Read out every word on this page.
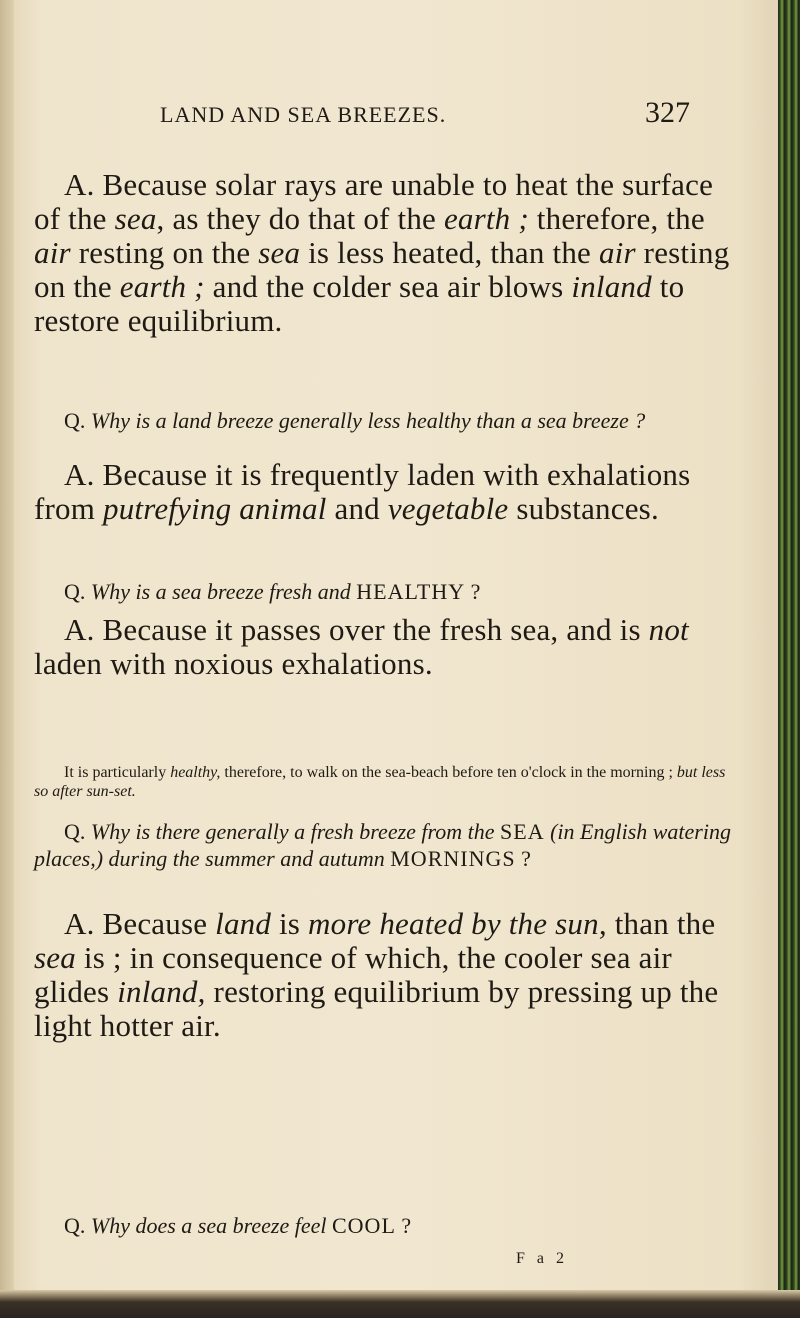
LAND AND SEA BREEZES.	327
A. Because solar rays are unable to heat the surface of the sea, as they do that of the earth ; therefore, the air resting on the sea is less heated, than the air resting on the earth ; and the colder sea air blows inland to restore equilibrium.
Q. Why is a land breeze generally less healthy than a sea breeze ?
A. Because it is frequently laden with exhalations from putrefying animal and vegetable substances.
Q. Why is a sea breeze fresh and HEALTHY ?
A. Because it passes over the fresh sea, and is not laden with noxious exhalations.
It is particularly healthy, therefore, to walk on the sea-beach before ten o'clock in the morning ; but less so after sun-set.
Q. Why is there generally a fresh breeze from the SEA (in English watering places,) during the summer and autumn MORNINGS ?
A. Because land is more heated by the sun, than the sea is ; in consequence of which, the cooler sea air glides inland, restoring equilibrium by pressing up the light hotter air.
Q. Why does a sea breeze feel COOL ?
F a 2
